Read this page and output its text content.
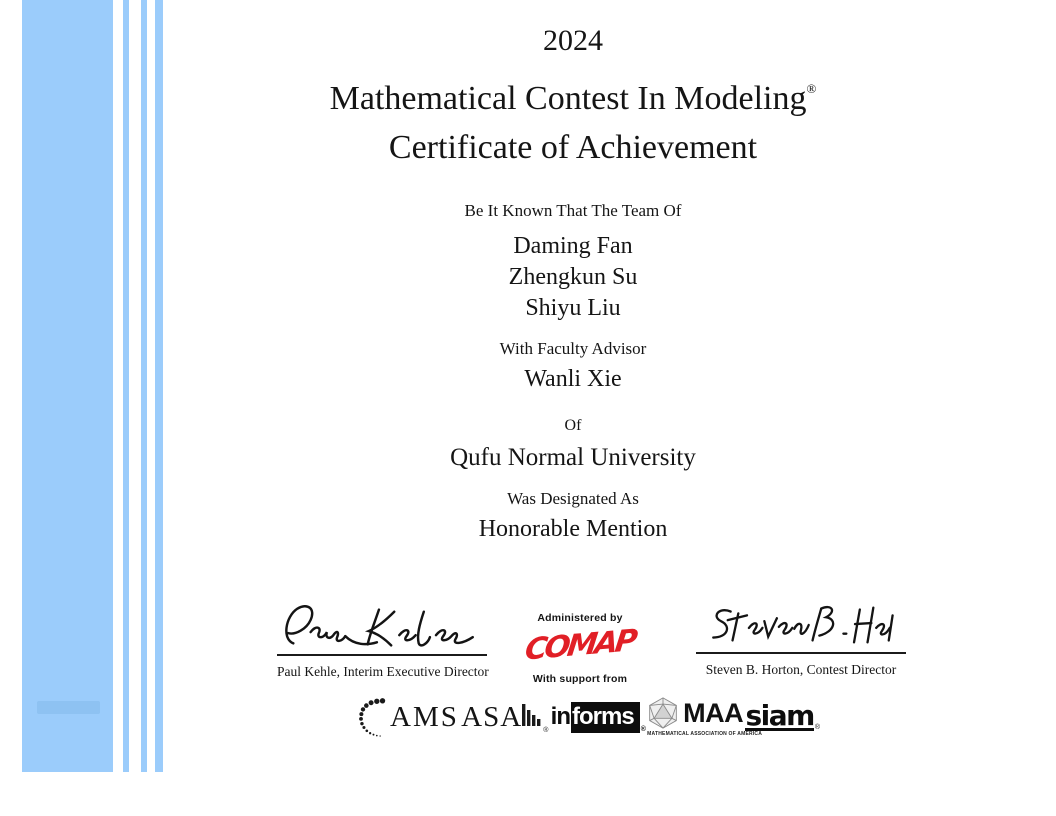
2024
Mathematical Contest In Modeling®
Certificate of Achievement
Be It Known That The Team Of
Daming Fan
Zhengkun Su
Shiyu Liu
With Faculty Advisor
Wanli Xie
Of
Qufu Normal University
Was Designated As
Honorable Mention
Paul Kehle, Interim Executive Director
Administered by
COMAP
With support from
Steven B. Horton, Contest Director
AMS ASA	® in forms	®
MAA
MATHEMATICAL ASSOCIATION OF AMERICA
siam ®
